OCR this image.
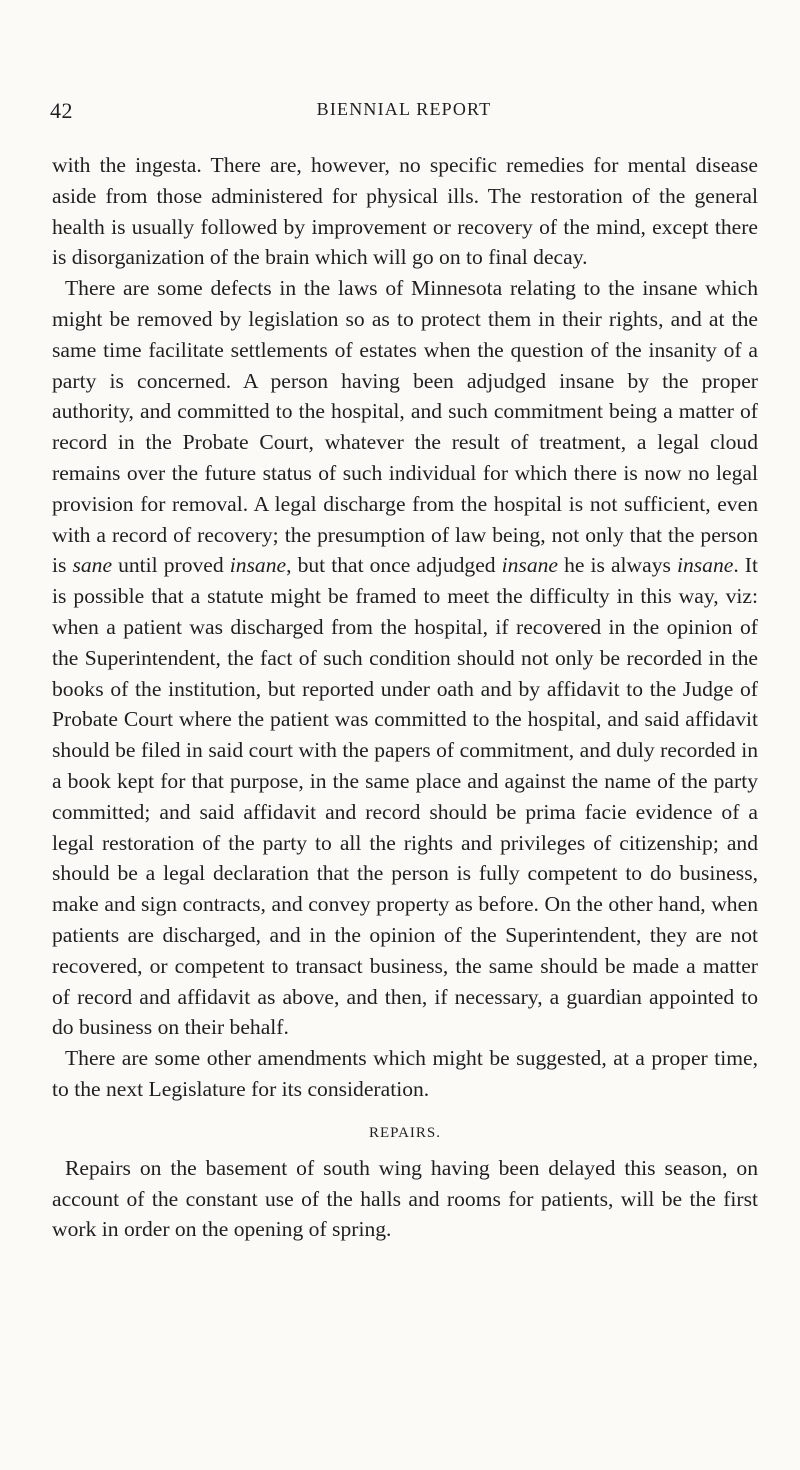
42	BIENNIAL REPORT

with the ingesta. There are, however, no specific remedies for mental disease aside from those administered for physical ills. The restoration of the general health is usually followed by improvement or recovery of the mind, except there is disorganization of the brain which will go on to final decay.

There are some defects in the laws of Minnesota relating to the insane which might be removed by legislation so as to protect them in their rights, and at the same time facilitate settlements of estates when the question of the insanity of a party is concerned. A person having been adjudged insane by the proper authority, and committed to the hospital, and such commitment being a matter of record in the Probate Court, whatever the result of treatment, a legal cloud remains over the future status of such individual for which there is now no legal provision for removal. A legal discharge from the hospital is not sufficient, even with a record of recovery; the presumption of law being, not only that the person is sane until proved insane, but that once adjudged insane he is always insane. It is possible that a statute might be framed to meet the difficulty in this way, viz: when a patient was discharged from the hospital, if recovered in the opinion of the Superintendent, the fact of such condition should not only be recorded in the books of the institution, but reported under oath and by affidavit to the Judge of Probate Court where the patient was committed to the hospital, and said affidavit should be filed in said court with the papers of commitment, and duly recorded in a book kept for that purpose, in the same place and against the name of the party committed; and said affidavit and record should be prima facie evidence of a legal restoration of the party to all the rights and privileges of citizenship; and should be a legal declaration that the person is fully competent to do business, make and sign contracts, and convey property as before. On the other hand, when patients are discharged, and in the opinion of the Superintendent, they are not recovered, or competent to transact business, the same should be made a matter of record and affidavit as above, and then, if necessary, a guardian appointed to do business on their behalf.

There are some other amendments which might be suggested, at a proper time, to the next Legislature for its consideration.

REPAIRS.

Repairs on the basement of south wing having been delayed this season, on account of the constant use of the halls and rooms for patients, will be the first work in order on the opening of spring.
